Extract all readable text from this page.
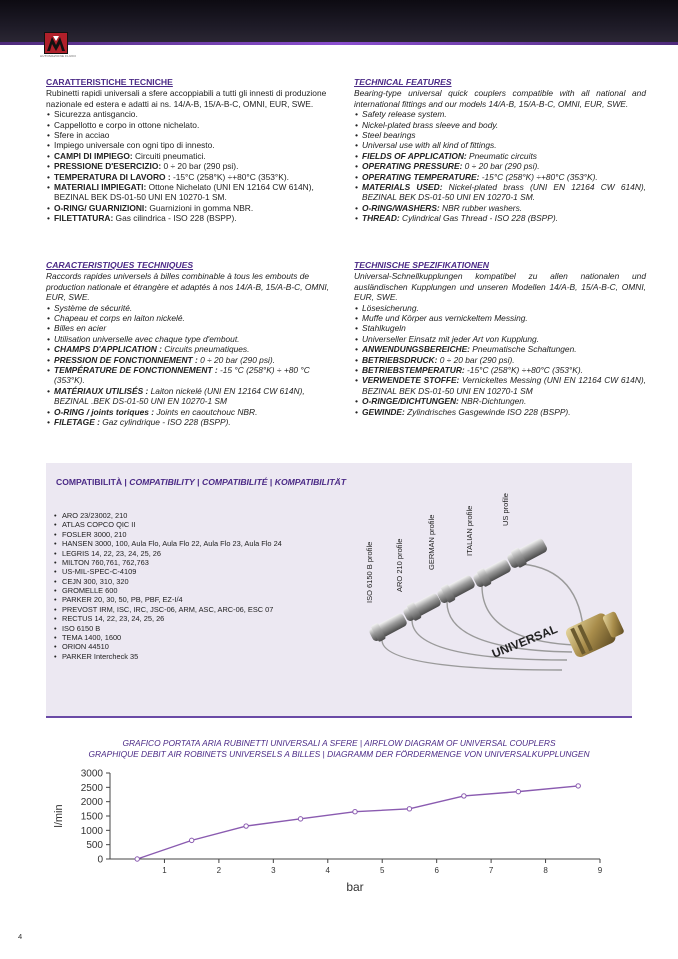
AUTOMAZIONE FLUIDI
CARATTERISTICHE TECNICHE

Rubinetti rapidi universali a sfere accoppiabili a tutti gli innesti di produzione nazionale ed estera e adatti ai ns. 14/A-B, 15/A-B-C, OMNI, EUR, SWE.

• Sicurezza antisgancio.
• Cappellotto e corpo in ottone nichelato.
• Sfere in acciao
• Impiego universale con ogni tipo di innesto.
• CAMPI DI IMPIEGO: Circuiti pneumatici.
• PRESSIONE D'ESERCIZIO: 0 ÷ 20 bar (290 psi).
• TEMPERATURA DI LAVORO : -15°C (258°K) ÷+80°C (353°K).
• MATERIALI IMPIEGATI: Ottone Nichelato (UNI EN 12164 CW 614N), BEZINAL BEK DS-01-50 UNI EN 10270-1 SM.
• O-RING/ GUARNIZIONI: Guarnizioni in gomma NBR.
• FILETTATURA: Gas cilindrica - ISO 228 (BSPP).
TECHNICAL FEATURES

Bearing-type universal quick couplers compatible with all national and international fittings and our models 14/A-B, 15/A-B-C, OMNI, EUR, SWE.

• Safety release system.
• Nickel-plated brass sleeve and body.
• Steel bearings
• Universal use with all kind of fittings.
• FIELDS OF APPLICATION: Pneumatic circuits
• OPERATING PRESSURE: 0 ÷ 20 bar (290 psi).
• OPERATING TEMPERATURE: -15°C (258°K) ÷+80°C (353°K).
• MATERIALS USED: Nickel-plated brass (UNI EN 12164 CW 614N), BEZINAL BEK DS-01-50 UNI EN 10270-1 SM.
• O-RING/WASHERS: NBR rubber washers.
• THREAD: Cylindrical Gas Thread - ISO 228 (BSPP).
CARACTERISTIQUES TECHNIQUES

Raccords rapides universels à billes combinable à tous les embouts de production nationale et étrangère et adaptés à nos 14/A-B, 15/A-B-C, OMNI, EUR, SWE.

• Système de sécurité.
• Chapeau et corps en laiton nickelé.
• Billes en acier
• Utilisation universelle avec chaque type d'embout.
• CHAMPS D'APPLICATION : Circuits pneumatiques.
• PRESSION DE FONCTIONNEMENT : 0 ÷ 20 bar (290 psi).
• TEMPÉRATURE DE FONCTIONNEMENT : -15 °C (258°K) ÷ +80 °C (353°K).
• MATÉRIAUX UTILISÉS : Laiton nickelé (UNI EN 12164 CW 614N), BEZINAL .BEK DS-01-50 UNI EN 10270-1 SM
• O-RING / joints toriques : Joints en caoutchouc NBR.
• FILETAGE : Gaz cylindrique - ISO 228 (BSPP).
TECHNISCHE SPEZIFIKATIONEN

Universal-Schnellkupplungen kompatibel zu allen nationalen und ausländischen Kupplungen und unseren Modellen 14/A-B, 15/A-B-C, OMNI, EUR, SWE.

• Lösesicherung.
• Muffe und Körper aus vernickeltem Messing.
• Stahlkugeln
• Universeller Einsatz mit jeder Art von Kupplung.
• ANWENDUNGSBEREICHE: Pneumatische Schaltungen.
• BETRIEBSDRUCK: 0 ÷ 20 bar (290 psi).
• BETRIEBSTEMPERATUR: -15°C (258°K) ÷+80°C (353°K).
• VERWENDETE STOFFE: Vernickeltes Messing (UNI EN 12164 CW 614N), BEZINAL BEK DS-01-50 UNI EN 10270-1 SM
• O-RINGE/DICHTUNGEN: NBR-Dichtungen.
• GEWINDE: Zylindrisches Gasgewinde ISO 228 (BSPP).
COMPATIBILITÀ | COMPATIBILITY | COMPATIBILITÉ | KOMPATIBILITÄT
• ARO 23/23002, 210
• ATLAS COPCO QIC II
• FOSLER 3000, 210
• HANSEN 3000, 100, Aula Flo, Aula Flo 22, Aula Flo 23, Aula Flo 24
• LEGRIS 14, 22, 23, 24, 25, 26
• MILTON 760,761, 762,763
• US-MIL-SPEC-C-4109
• CEJN 300, 310, 320
• GROMELLE 600
• PARKER 20, 30, 50, PB, PBF, EZ-I/4
• PREVOST IRM, ISC, IRC, JSC-06, ARM, ASC, ARC-06, ESC 07
• RECTUS 14, 22, 23, 24, 25, 26
• ISO 6150 B
• TEMA 1400, 1600
• ORION 44510
• PARKER Intercheck 35
ISO 6150 B profile	ARO 210 profile	GERMAN profile	ITALIAN profile	US profile
UNIVERSAL
GRAFICO PORTATA ARIA RUBINETTI UNIVERSALI A SFERE | AIRFLOW DIAGRAM OF UNIVERSAL COUPLERS
GRAPHIQUE DEBIT AIR ROBINETS UNIVERSELS A BILLES | DIAGRAMM DER FÖRDERMENGE VON UNIVERSALKUPPLUNGEN
0
500
1000
1500
2000
2500
3000
1	2	3	4	5	6	7	8	9
l/min
bar
4
